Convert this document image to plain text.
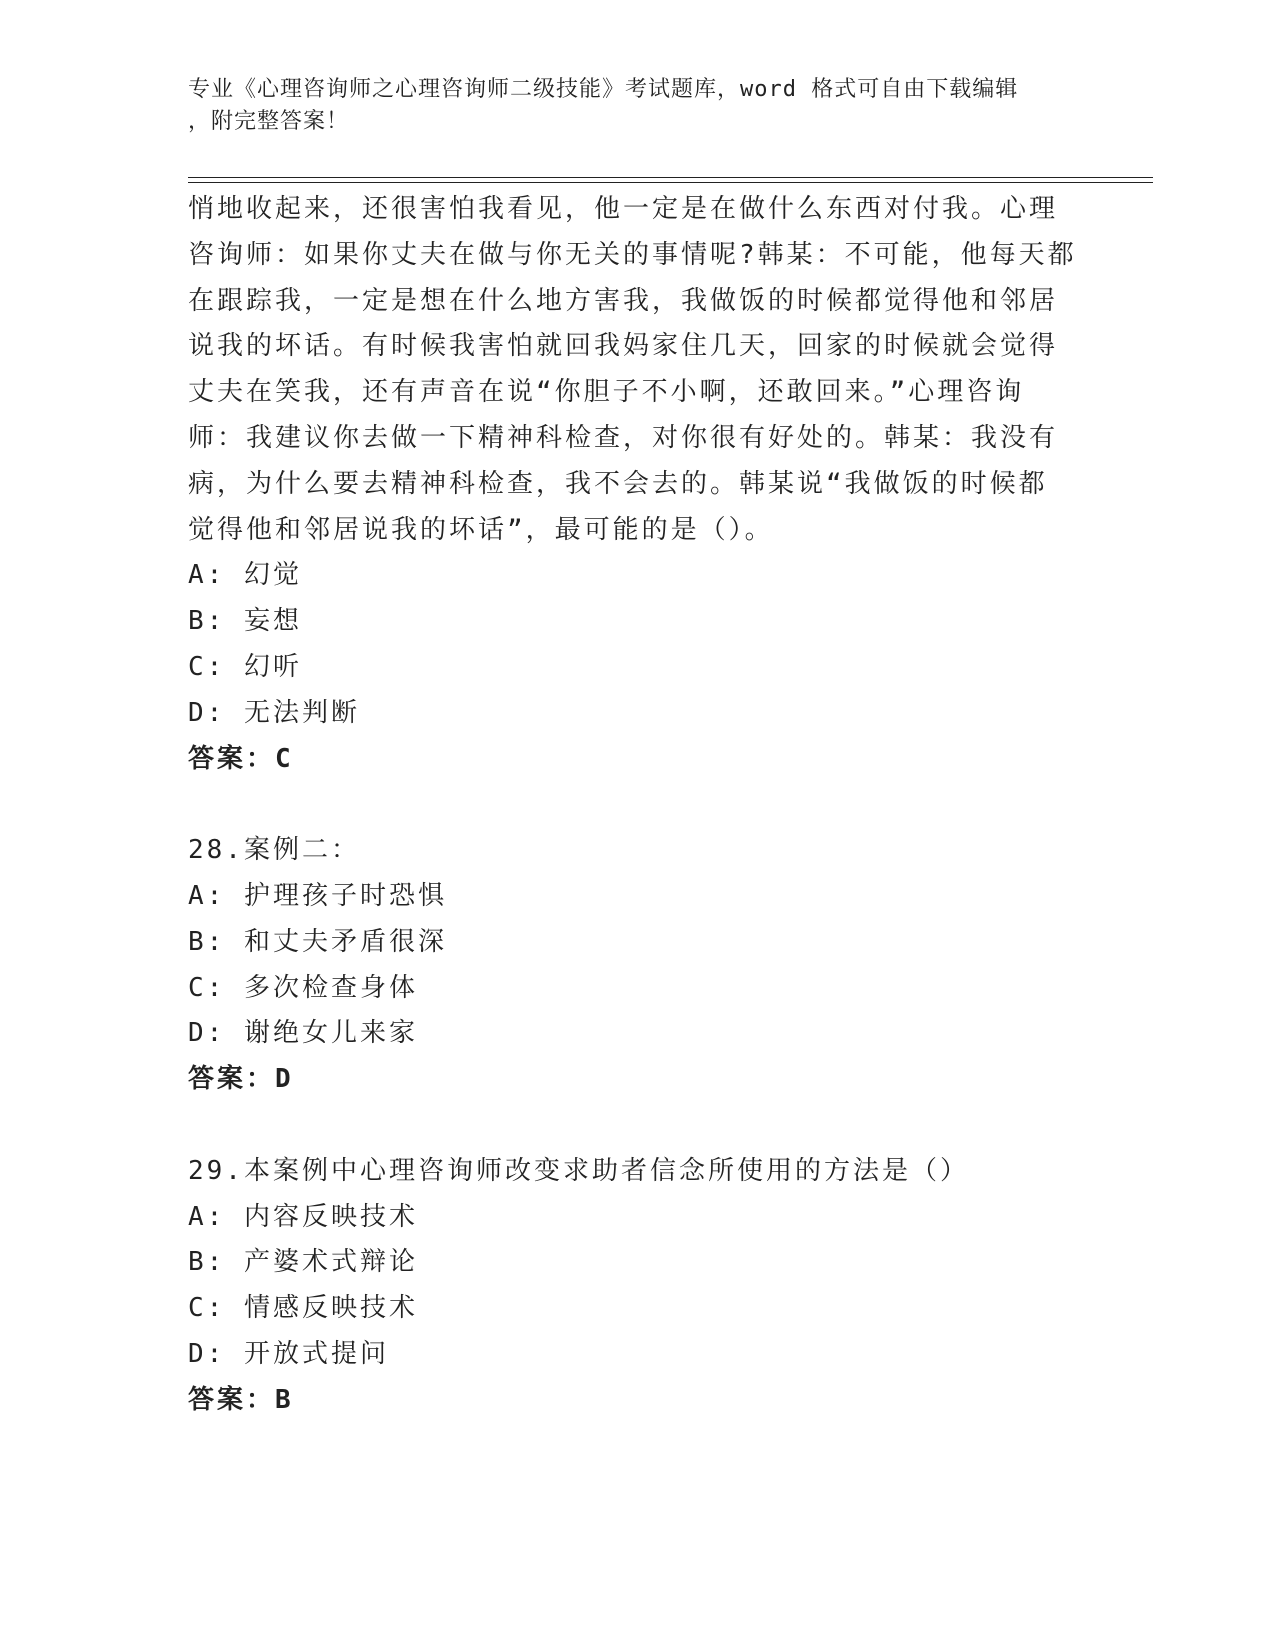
专业《心理咨询师之心理咨询师二级技能》考试题库，word 格式可自由下载编辑
，附完整答案！

悄地收起来，还很害怕我看见，他一定是在做什么东西对付我。心理

咨询师：如果你丈夫在做与你无关的事情呢?韩某：不可能，他每天都

在跟踪我，一定是想在什么地方害我，我做饭的时候都觉得他和邻居

说我的坏话。有时候我害怕就回我妈家住几天，回家的时候就会觉得

丈夫在笑我，还有声音在说“你胆子不小啊，还敢回来。”心理咨询

师：我建议你去做一下精神科检查，对你很有好处的。韩某：我没有

病，为什么要去精神科检查，我不会去的。韩某说“我做饭的时候都

觉得他和邻居说我的坏话”，最可能的是（）。

A: 幻觉

B: 妄想

C: 幻听

D: 无法判断

答案：C

28.案例二：

A: 护理孩子时恐惧

B: 和丈夫矛盾很深

C: 多次检查身体

D: 谢绝女儿来家

答案：D

29.本案例中心理咨询师改变求助者信念所使用的方法是（）

A: 内容反映技术

B: 产婆术式辩论

C: 情感反映技术

D: 开放式提问

答案：B
